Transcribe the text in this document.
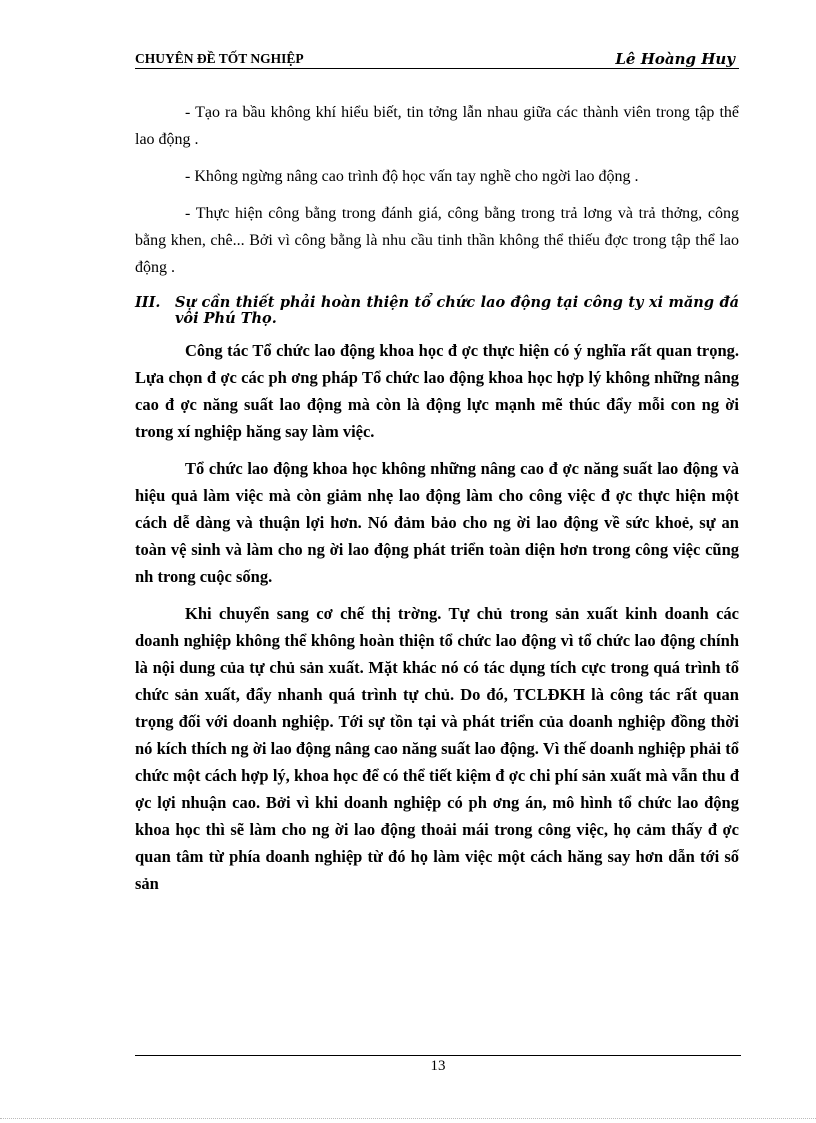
CHUYÊN ĐỀ TỐT NGHIỆP	Lê Hoàng Huy

- Tạo ra bầu không khí hiểu biết, tin tởng lẫn nhau giữa các thành viên trong tập thể lao động .

- Không ngừng nâng cao trình độ học vấn tay nghề cho ngời lao động .

- Thực hiện công bằng trong đánh giá, công bằng trong trả lơng và trả thởng, công bằng khen, chê... Bởi vì công bằng là nhu cầu tinh thần không thể thiếu đợc trong tập thể lao động .

III.	Sự cần thiết phải hoàn thiện tổ chức lao động tại công ty xi măng đá vôi Phú Thọ.

Công tác Tổ chức lao động khoa học đ ợc thực hiện có ý nghĩa rất quan trọng. Lựa chọn đ ợc các ph ơng pháp Tổ chức lao động khoa học hợp lý không những nâng cao đ ợc năng suất lao động mà còn là động lực mạnh mẽ thúc đẩy mỗi con ng ời trong xí nghiệp hăng say làm việc.

Tổ chức lao động khoa học không những nâng cao đ ợc năng suất lao động và hiệu quả làm việc mà còn giảm nhẹ lao động làm cho công việc đ ợc thực hiện một cách dễ dàng và thuận lợi hơn. Nó đảm bảo cho ng ời lao động về sức khoẻ, sự an toàn vệ sinh và làm cho ng ời lao động phát triển toàn diện hơn trong công việc cũng nh trong cuộc sống.

Khi chuyển sang cơ chế thị trờng. Tự chủ trong sản xuất kinh doanh các doanh nghiệp không thể không hoàn thiện tổ chức lao động vì tổ chức lao động chính là nội dung của tự chủ sản xuất. Mặt khác nó có tác dụng tích cực trong quá trình tổ chức sản xuất, đẩy nhanh quá trình tự chủ. Do đó, TCLĐKH là công tác rất quan trọng đối với doanh nghiệp. Tới sự tồn tại và phát triển của doanh nghiệp đồng thời nó kích thích ng ời lao động nâng cao năng suất lao động. Vì thế doanh nghiệp phải tổ chức một cách hợp lý, khoa học để có thể tiết kiệm đ ợc chi phí sản xuất mà vẫn thu đ ợc lợi nhuận cao. Bởi vì khi doanh nghiệp có ph ơng án, mô hình tổ chức lao động khoa học thì sẽ làm cho ng ời lao động thoải mái trong công việc, họ cảm thấy đ ợc quan tâm từ phía doanh nghiệp từ đó họ làm việc một cách hăng say hơn dẫn tới số sản

13
